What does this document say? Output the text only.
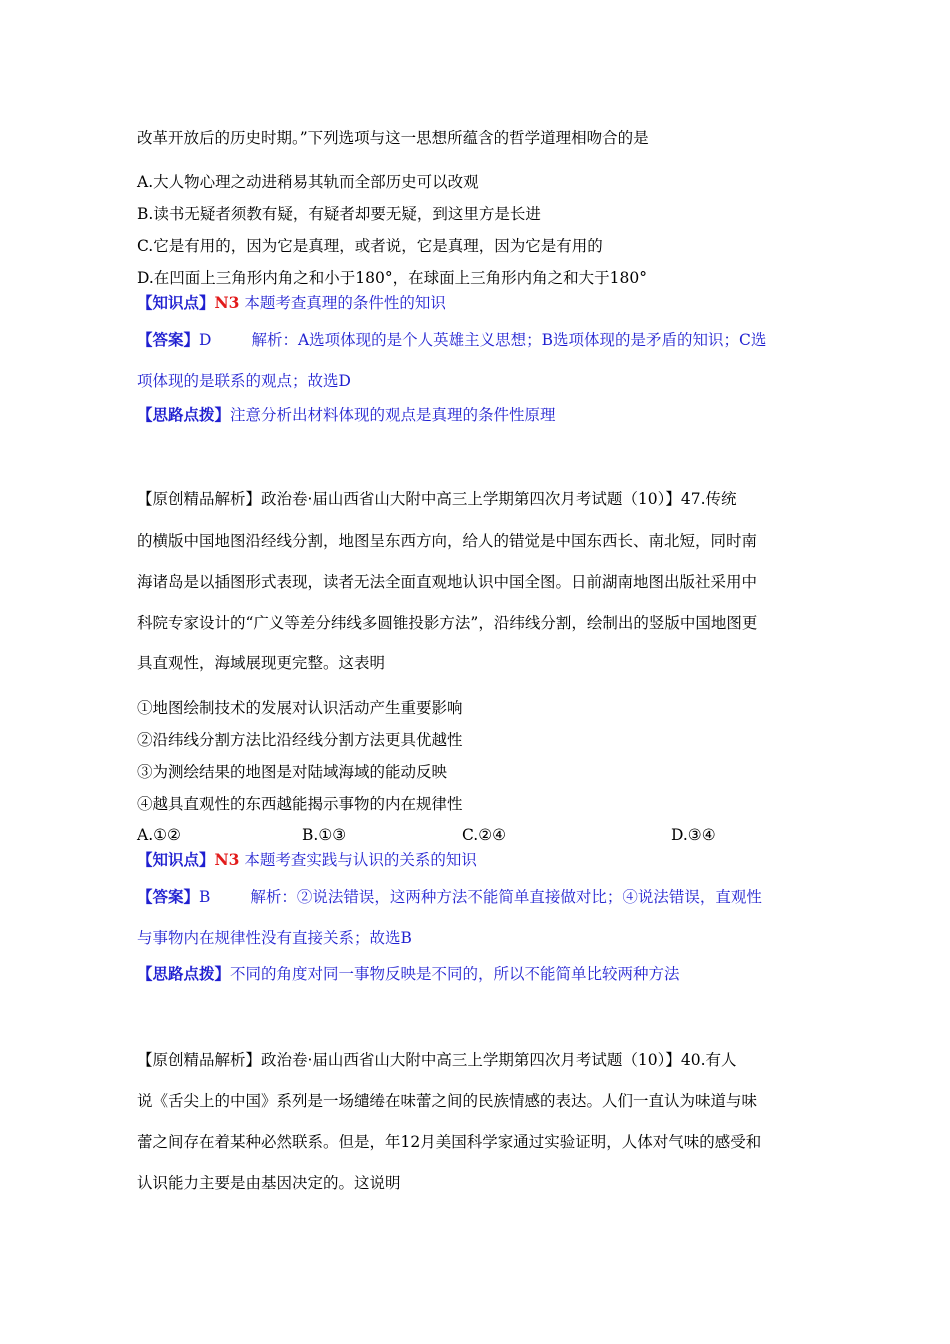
改革开放后的历史时期。”下列选项与这一思想所蕴含的哲学道理相吻合的是
A.大人物心理之动进稍易其轨而全部历史可以改观
B.读书无疑者须教有疑，有疑者却要无疑，到这里方是长进
C.它是有用的，因为它是真理，或者说，它是真理，因为它是有用的
D.在凹面上三角形内角之和小于180°，在球面上三角形内角之和大于180°
【知识点】N3 本题考查真理的条件性的知识
【答案】D	解析：A选项体现的是个人英雄主义思想；B选项体现的是矛盾的知识；C选
项体现的是联系的观点；故选D
【思路点拨】注意分析出材料体现的观点是真理的条件性原理
【原创精品解析】政治卷·届山西省山大附中高三上学期第四次月考试题（10）】47.传统
的横版中国地图沿经线分割，地图呈东西方向，给人的错觉是中国东西长、南北短，同时南
海诸岛是以插图形式表现，读者无法全面直观地认识中国全图。日前湖南地图出版社采用中
科院专家设计的“广义等差分纬线多圆锥投影方法”，沿纬线分割，绘制出的竖版中国地图更
具直观性，海域展现更完整。这表明
①地图绘制技术的发展对认识活动产生重要影响
②沿纬线分割方法比沿经线分割方法更具优越性
③为测绘结果的地图是对陆域海域的能动反映
④越具直观性的东西越能揭示事物的内在规律性
A.①②	B.①③	C.②④	D.③④
【知识点】N3 本题考查实践与认识的关系的知识
【答案】B	解析：②说法错误，这两种方法不能简单直接做对比；④说法错误，直观性
与事物内在规律性没有直接关系；故选B
【思路点拨】不同的角度对同一事物反映是不同的，所以不能简单比较两种方法
【原创精品解析】政治卷·届山西省山大附中高三上学期第四次月考试题（10）】40.有人
说《舌尖上的中国》系列是一场缱绻在味蕾之间的民族情感的表达。人们一直认为味道与味
蕾之间存在着某种必然联系。但是，年12月美国科学家通过实验证明，人体对气味的感受和
认识能力主要是由基因决定的。这说明
